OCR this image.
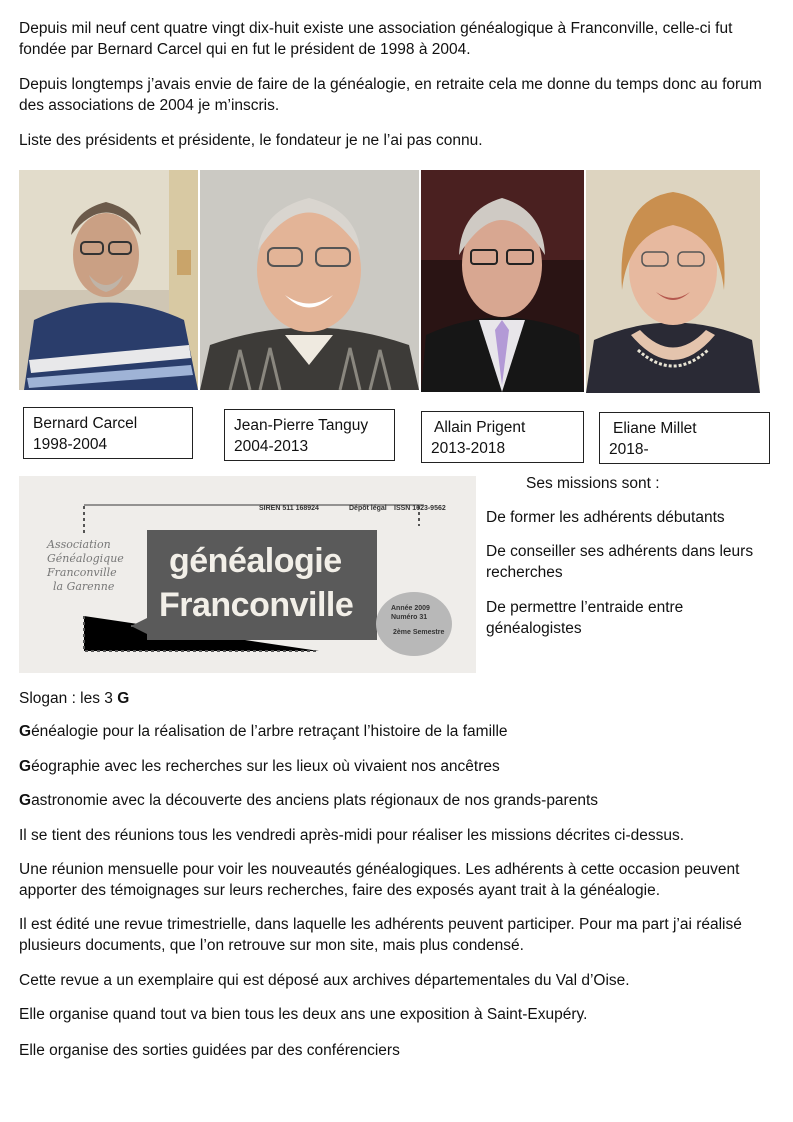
Depuis mil neuf cent quatre vingt dix-huit existe une association généalogique à Franconville, celle-ci fut fondée par Bernard Carcel qui en fut le président de 1998 à 2004.
Depuis longtemps j’avais envie de faire de la généalogie, en retraite cela me donne du temps donc au forum des associations de 2004 je m’inscris.
Liste des présidents et présidente, le fondateur je ne l’ai pas connu.
Bernard Carcel
1998-2004
Jean-Pierre Tanguy
2004-2013
Allain Prigent
2013-2018
Eliane Millet
2018-
SIREN 511 168924	Dépôt légal ISSN 1623-9562
Association
Généalogique
Franconville
la Garenne
généalogie
Franconville	Année 2009
Numéro 31
2ème Semestre
Ses missions sont :
De former les adhérents débutants
De conseiller ses adhérents dans leurs recherches
De permettre l’entraide entre généalogistes
Slogan : les 3 G
Généalogie pour la réalisation de l’arbre retraçant l’histoire de la famille
Géographie avec les recherches sur les lieux où vivaient nos ancêtres
Gastronomie avec la découverte des anciens plats régionaux de nos grands-parents
Il se tient des réunions tous les vendredi après-midi pour réaliser les missions décrites ci-dessus.
Une réunion mensuelle pour voir les nouveautés généalogiques. Les adhérents à cette occasion peuvent apporter des témoignages sur leurs recherches, faire des exposés ayant trait à la généalogie.
Il est édité une revue trimestrielle, dans laquelle les adhérents peuvent participer. Pour ma part j’ai réalisé plusieurs documents, que l’on retrouve sur mon site, mais plus condensé.
Cette revue a un exemplaire qui est déposé aux archives départementales du Val d’Oise.
Elle organise quand tout va bien tous les deux ans une exposition à Saint-Exupéry.
Elle organise des sorties guidées par des conférenciers
